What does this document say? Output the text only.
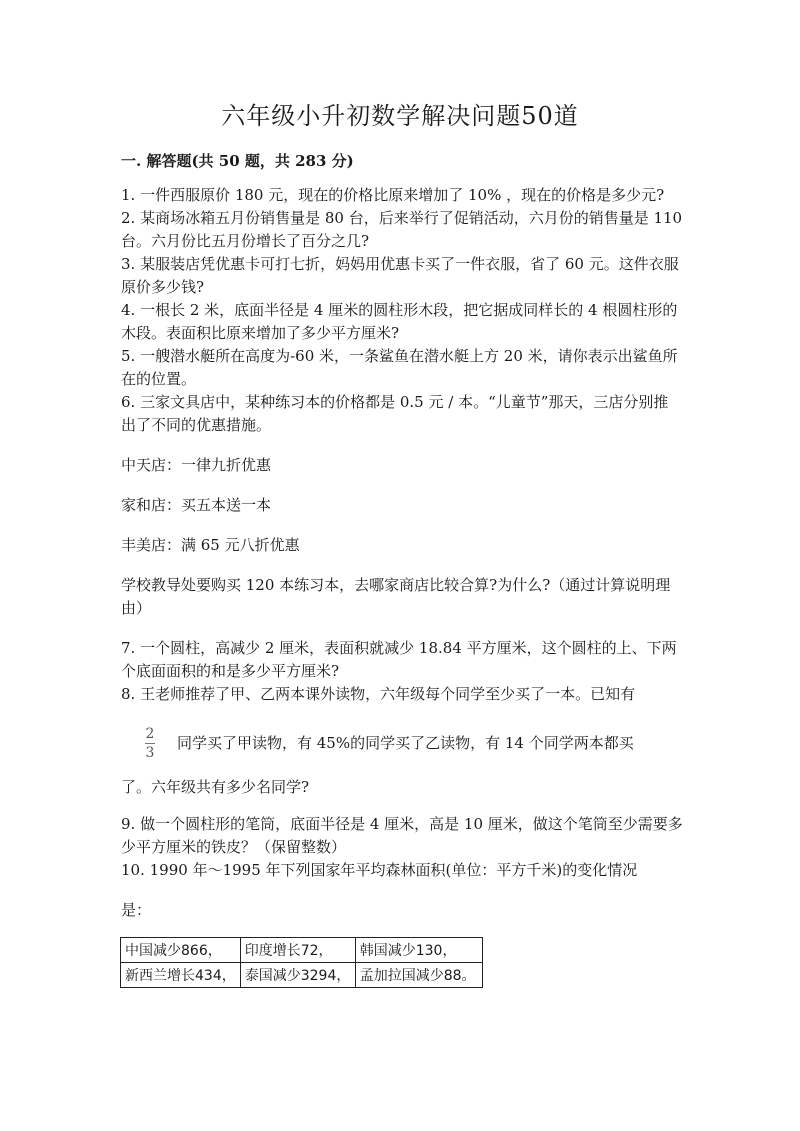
六年级小升初数学解决问题50道
一. 解答题(共 50 题，共 283 分)

1. 一件西服原价 180 元，现在的价格比原来增加了 10% ，现在的价格是多少元?

2. 某商场冰箱五月份销售量是 80 台，后来举行了促销活动，六月份的销售量是 110 台。六月份比五月份增长了百分之几?

3. 某服装店凭优惠卡可打七折，妈妈用优惠卡买了一件衣服，省了 60 元。这件衣服原价多少钱?

4. 一根长 2 米，底面半径是 4 厘米的圆柱形木段，把它据成同样长的 4 根圆柱形的木段。表面积比原来增加了多少平方厘米?

5. 一艘潜水艇所在高度为-60 米，一条鲨鱼在潜水艇上方 20 米，请你表示出鲨鱼所在的位置。

6. 三家文具店中，某种练习本的价格都是 0.5 元 / 本。“儿童节”那天，三店分别推出了不同的优惠措施。

中天店：一律九折优惠

家和店：买五本送一本

丰美店：满 65 元八折优惠

学校教导处要购买 120 本练习本，去哪家商店比较合算?为什么?（通过计算说明理由）

7. 一个圆柱，高减少 2 厘米，表面积就减少 18.84 平方厘米，这个圆柱的上、下两个底面面积的和是多少平方厘米?

8. 王老师推荐了甲、乙两本课外读物，六年级每个同学至少买了一本。已知有

$\frac{2}{3}$ 同学买了甲读物，有 45%的同学买了乙读物，有 14 个同学两本都买

了。六年级共有多少名同学?

9. 做一个圆柱形的笔筒，底面半径是 4 厘米，高是 10 厘米，做这个笔筒至少需要多少平方厘米的铁皮？（保留整数）

10. 1990 年～1995 年下列国家年平均森林面积(单位：平方千米)的变化情况

是：

中国减少866，	印度增长72，	韩国减少130，
新西兰增长434，	泰国减少3294，	孟加拉国减少88。
